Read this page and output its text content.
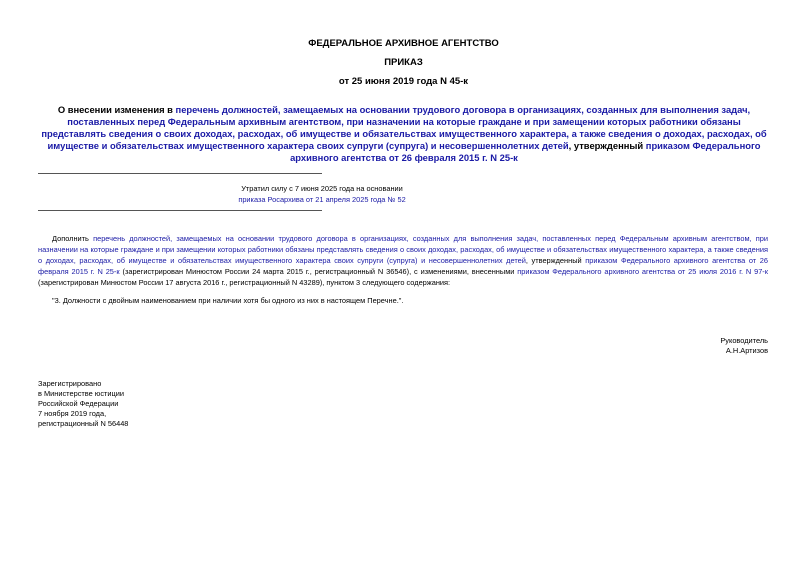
ФЕДЕРАЛЬНОЕ АРХИВНОЕ АГЕНТСТВО
ПРИКАЗ
от 25 июня 2019 года N 45-к
О внесении изменения в перечень должностей, замещаемых на основании трудового договора в организациях, созданных для выполнения задач, поставленных перед Федеральным архивным агентством, при назначении на которые граждане и при замещении которых работники обязаны представлять сведения о своих доходах, расходах, об имуществе и обязательствах имущественного характера, а также сведения о доходах, расходах, об имуществе и обязательствах имущественного характера своих супруги (супруга) и несовершеннолетних детей, утвержденный приказом Федерального архивного агентства от 26 февраля 2015 г. N 25-к
Утратил силу с 7 июня 2025 года на основании
приказа Росархива от 21 апреля 2025 года № 52
Дополнить перечень должностей, замещаемых на основании трудового договора в организациях, созданных для выполнения задач, поставленных перед Федеральным архивным агентством, при назначении на которые граждане и при замещении которых работники обязаны представлять сведения о своих доходах, расходах, об имуществе и обязательствах имущественного характера, а также сведения о доходах, расходах, об имуществе и обязательствах имущественного характера своих супруги (супруга) и несовершеннолетних детей, утвержденный приказом Федерального архивного агентства от 26 февраля 2015 г. N 25-к (зарегистрирован Минюстом России 24 марта 2015 г., регистрационный N 36546), с изменениями, внесенными приказом Федерального архивного агентства от 25 июля 2016 г. N 97-к (зарегистрирован Минюстом России 17 августа 2016 г., регистрационный N 43289), пунктом 3 следующего содержания:
"3. Должности с двойным наименованием при наличии хотя бы одного из них в настоящем Перечне.".
Руководитель
А.Н.Артизов
Зарегистрировано
в Министерстве юстиции
Российской Федерации
7 ноября 2019 года,
регистрационный N 56448
